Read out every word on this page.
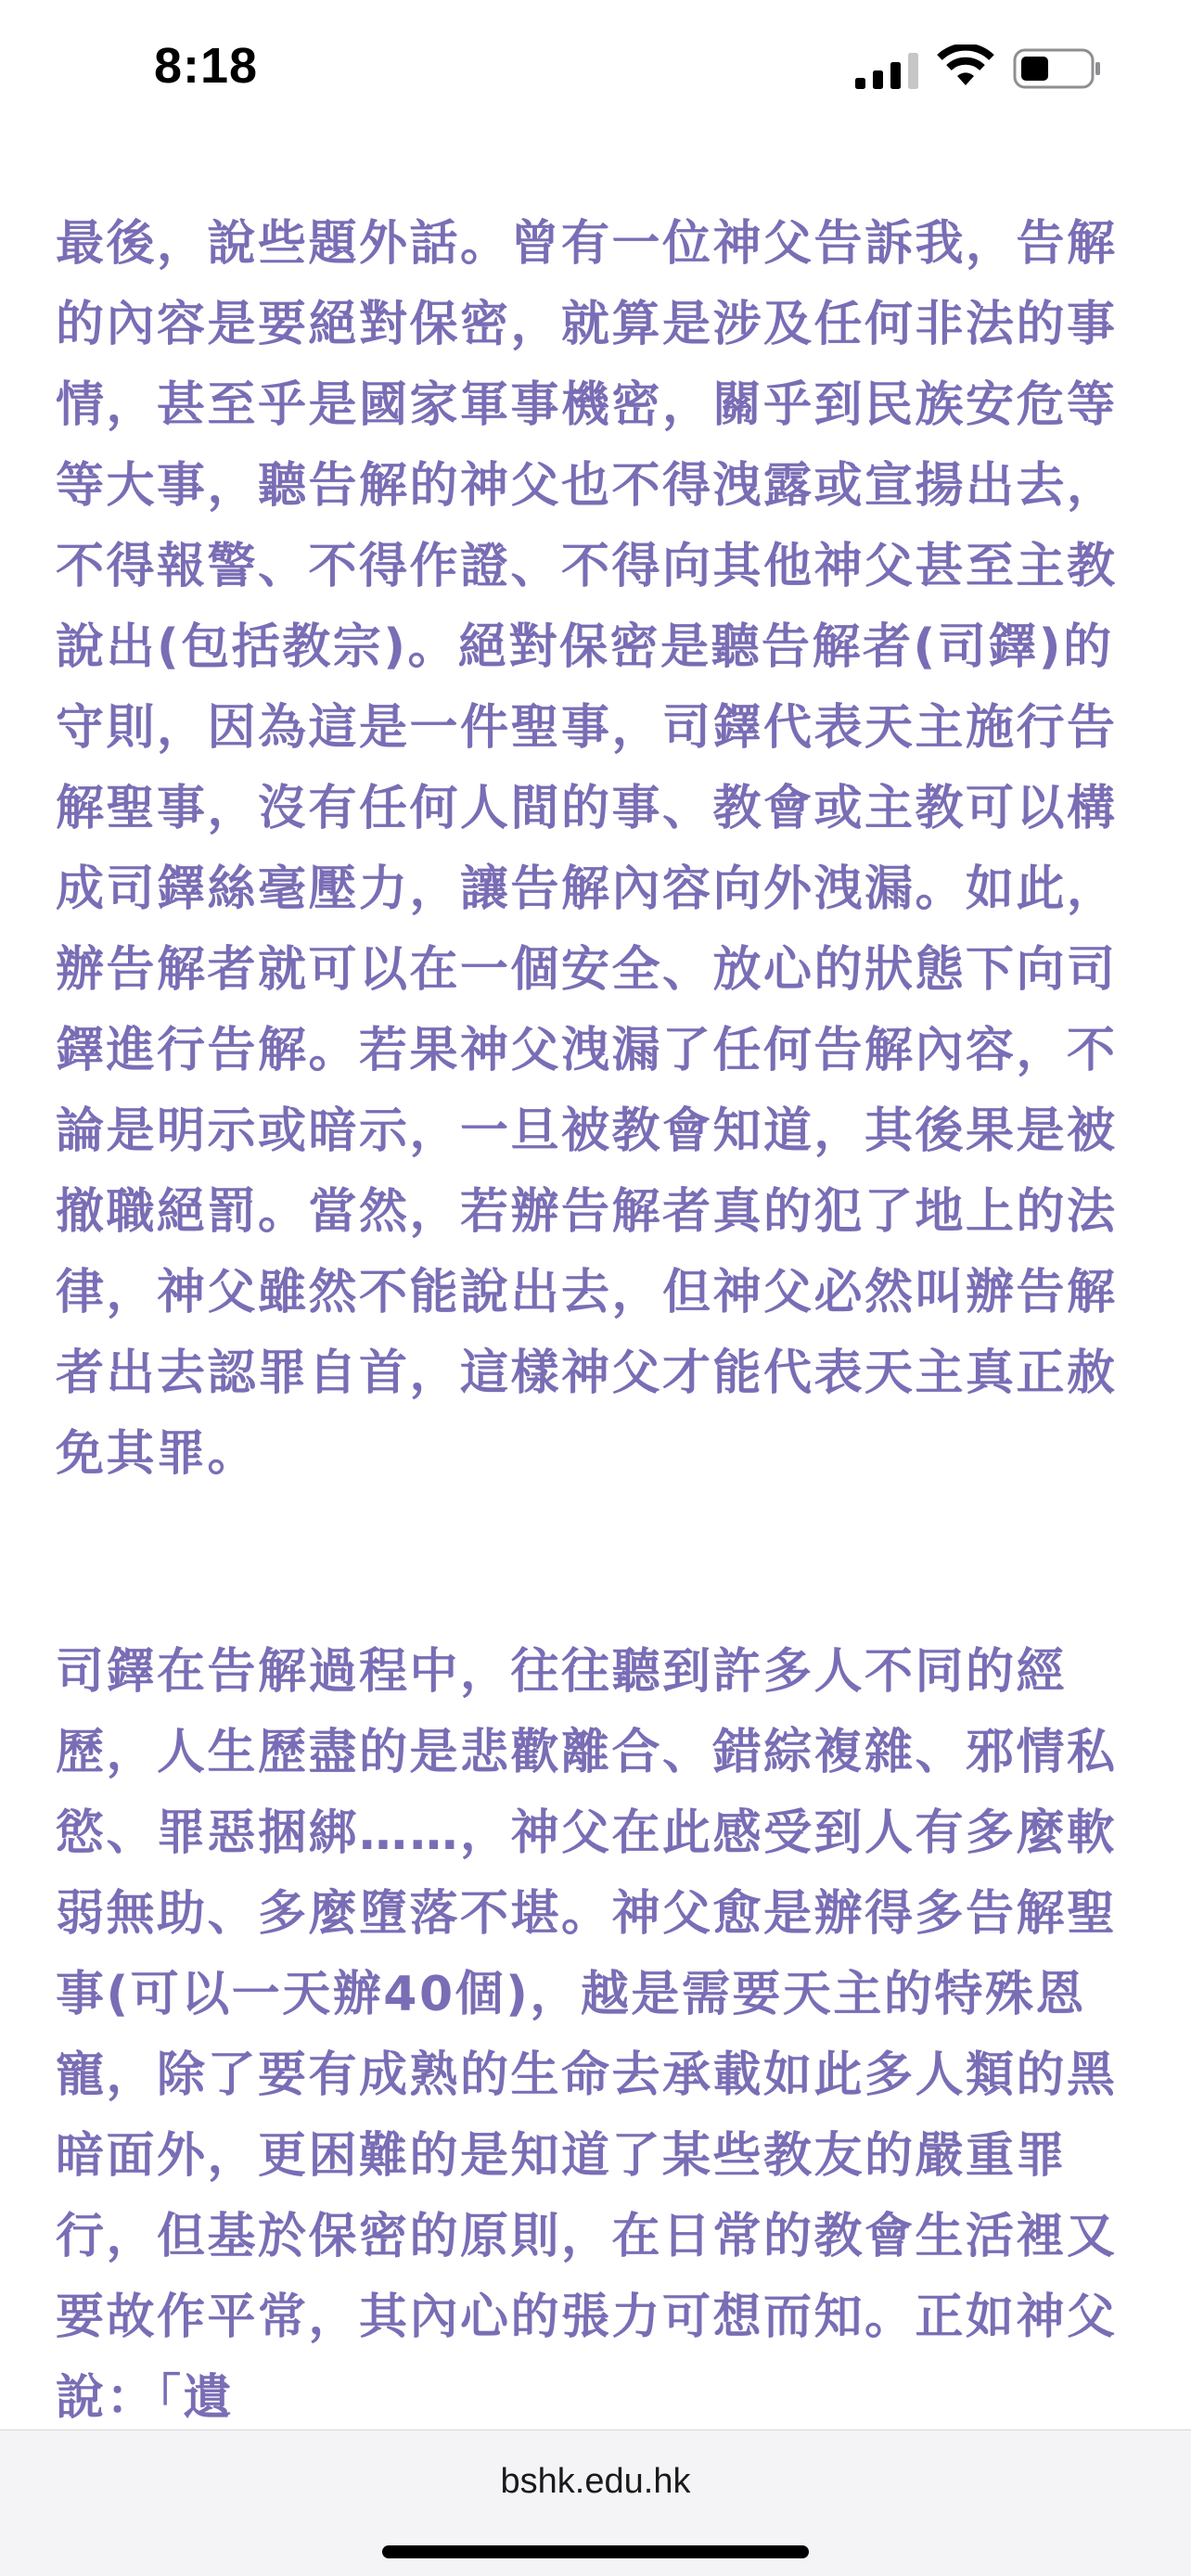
8:18

最後，說些題外話。曾有一位神父告訴我，告解的內容是要絕對保密，就算是涉及任何非法的事情，甚至乎是國家軍事機密，關乎到民族安危等等大事，聽告解的神父也不得洩露或宣揚出去，不得報警、不得作證、不得向其他神父甚至主教說出(包括教宗)。絕對保密是聽告解者(司鐸)的守則，因為這是一件聖事，司鐸代表天主施行告解聖事，沒有任何人間的事、教會或主教可以構成司鐸絲毫壓力，讓告解內容向外洩漏。如此，辦告解者就可以在一個安全、放心的狀態下向司鐸進行告解。若果神父洩漏了任何告解內容，不論是明示或暗示，一旦被教會知道，其後果是被撤職絕罰。當然，若辦告解者真的犯了地上的法律，神父雖然不能說出去，但神父必然叫辦告解者出去認罪自首，這樣神父才能代表天主真正赦免其罪。

司鐸在告解過程中，往往聽到許多人不同的經歷，人生歷盡的是悲歡離合、錯綜複雜、邪情私慾、罪惡捆綁……，神父在此感受到人有多麼軟弱無助、多麼墮落不堪。神父愈是辦得多告解聖事(可以一天辦40個)，越是需要天主的特殊恩寵，除了要有成熟的生命去承載如此多人類的黑暗面外，更困難的是知道了某些教友的嚴重罪行，但基於保密的原則，在日常的教會生活裡又要故作平常，其內心的張力可想而知。正如神父說：「遺

bshk.edu.hk
